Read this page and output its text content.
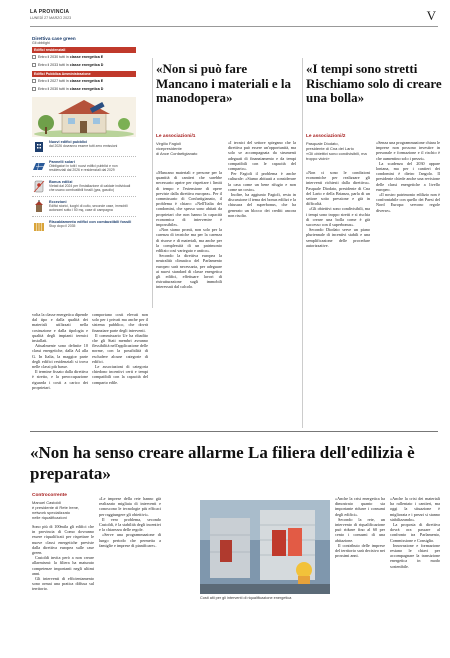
LA PROVINCIA
LUNEDÌ 27 MARZO 2023	V
Direttiva case green
Gli obblighi
Edifici residenziali
Entro il 2030 tutti in
classe energetica E
Entro il 2033 tutti in
classe energetica D
Edifici Pubblica Amministrazione
Entro il 2027 tutti in
classe energetica E
Entro il 2030 tutti in
classe energetica D
Nuovi edifici pubblici
dal 2026 dovranno essere tutti zero emissioni
Pannelli solari
Obbligatori in tutti i nuovi edifici pubblici e non residenziali dal 2026 e residenziali dal 2029
Bonus edilizi
Vietati dal 2024 per l'installazione di caldaie individuali che usano combustibili fossili (gas, gasolio)
Eccezioni
Edifici storici, luoghi di culto, seconde case, immobili autonomi sotto i 50 mq, case di campagna
Riscaldamento edifici con combustibili fossili
Stop dopo il 2035
«Non si può fare Mancano i materiali e la manodopera»
Le associazioni/1
Virgilio Fagioli
vicepresidente
di Ance Confartigianato

«Mancano materiali e persone per la quantità di cantieri che sarebbe necessario aprire per rispettare i limiti di tempo e l'estensione di opere previste dalla direttiva europea». Per il commissario di Confartigianato, il problema è chiaro: «Nell'Italia dei condomini, che spesso sono abitati da proprietari che non hanno la capacità economica di intervenire è impossibile».

«Non siamo pronti, non solo per la carenza di tecniche ma per la carenza di risorse e di materiali, ma anche per la complessità di un patrimonio edilizio così variegato e antico».

Secondo la direttiva europea la neutralità climatica del Parlamento europeo sarà necessaria, per adeguare ai nuovi standard di classe energetica gli edifici, effettuare lavori di ristrutturazione sugli immobili interessati dal calcolo.

«I tecnici del settore spiegano che la direttiva può essere un'opportunità, ma solo se accompagnata da strumenti adeguati di finanziamento e da tempi compatibili con le capacità del comparto».

Per Fagioli il problema è anche culturale: «Siamo abituati a considerare la casa come un bene rifugio e non come un costo».

Inoltre, ha aggiunto Fagioli, resta in discussione il tema dei bonus edilizi e la chiusura del superbonus, che ha generato un blocco dei crediti ancora non risolto.

«I tempi sono stretti Rischiamo solo di creare una bolla»
Le associazioni/2
Pasquale Diodato,
presidente di Cna del Lario
«Gli obiettivi sono condivisibili, ma troppo vicini»

«Non ci sono le condizioni economiche per realizzare gli interventi richiesti dalla direttiva». Pasquale Diodato, presidente di Cna del Lario e della Brianza, parla di un settore sotto pressione e già in difficoltà.

«Gli obiettivi sono condivisibili, ma i tempi sono troppo stretti e si rischia di creare una bolla come è già successo con il superbonus».

Secondo Diodato serve un piano pluriennale di incentivi stabili e una semplificazione delle procedure autorizzative.

«Senza una programmazione chiara le imprese non possono investire in personale e formazione e il rischio è che aumentino solo i prezzi».

La scadenza del 2030 appare lontana, ma per i cantieri dei condomini è dietro l'angolo. Il presidente chiede anche una revisione delle classi energetiche a livello europeo.

«Il nostro patrimonio edilizio non è confrontabile con quello dei Paesi del Nord Europa: servono regole diverse».

volta la classe energetica dipende dal tipo e dalla qualità dei materiali utilizzati nella costruzione e dalla tipologia e qualità degli impianti termici installati.

Attualmente sono definite 10 classi energetiche, dalla A4 alla G. In Italia, la maggior parte degli edifici residenziali si trova nelle classi più basse.

Il termine fissato dalla direttiva è stretto, e la preoccupazione riguarda i costi a carico dei proprietari.

comportano costi elevati non solo per i privati ma anche per il sistema pubblico, che dovrà finanziare parte degli interventi.

Il commissario Ue ha ribadito che gli Stati membri avranno flessibilità nell'applicazione delle norme, con la possibilità di escludere alcune categorie di edifici.

Le associazioni di categoria chiedono incentivi certi e tempi compatibili con la capacità del comparto edile.

«Non ha senso creare allarme La filiera dell'edilizia è preparata»
Controcorrente
Manuel Castoldi
è presidente di Rete Irene,
network specializzato
nelle riqualificazioni

Sono più di 100mila gli edifici che in provincia di Como dovranno essere riqualificati per rispettare le nuove classi energetiche previste dalla direttiva europea sulle case green.

Castoldi invita però a non creare allarmismi: la filiera ha maturato competenze importanti negli ultimi anni.

Gli interventi di efficientamento sono ormai una pratica diffusa sul territorio.

«Le imprese della rete hanno già realizzato migliaia di interventi e conoscono le tecnologie più efficaci per raggiungere gli obiettivi».

Il vero problema, secondo Castoldi, è la stabilità degli incentivi e la chiarezza delle regole.

«Serve una programmazione di lungo periodo che permetta a famiglie e imprese di pianificare».

Costi alti per gli interventi di riqualificazione energetica

«Anche la crisi energetica ha dimostrato quanto sia importante ridurre i consumi degli edifici».

Secondo la rete, un intervento di riqualificazione può ridurre fino al 60 per cento i consumi di una abitazione.

Il contributo delle imprese del territorio sarà decisivo nei prossimi anni.

«Anche la crisi dei materiali ha rallentato i cantieri, ma oggi la situazione è migliorata e i prezzi si stanno stabilizzando».

La proposta di direttiva dovrà ora passare al confronto tra Parlamento, Commissione e Consiglio.

Innovazione e formazione restano le chiavi per accompagnare la transizione energetica in modo sostenibile.
